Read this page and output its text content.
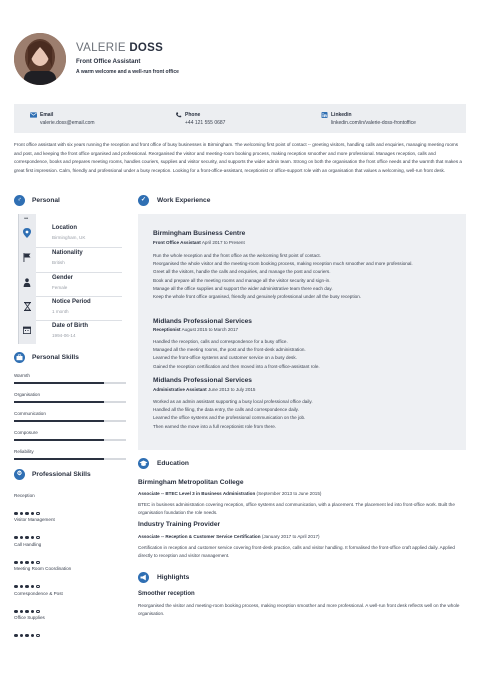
VALERIE DOSS
Front Office Assistant
A warm welcome and a well-run front office
Email
valerie.doss@email.com
Phone
+44 121 555 0687
Linkedin
linkedin.com/in/valerie-doss-frontoffice
Front office assistant with six years running the reception and front office of busy businesses in Birmingham. The welcoming first point of contact -- greeting visitors, handling calls and enquiries, managing meeting rooms and post, and keeping the front office organised and professional. Reorganised the visitor and meeting-room booking process, making reception smoother and more professional. Manages reception, calls and correspondence, books and prepares meeting rooms, handles couriers, supplies and visitor security, and supports the wider admin team. Strong on both the organisation the front office needs and the warmth that makes a great first impression. Calm, friendly and professional under a busy reception. Looking for a front-office-assistant, receptionist or office-support role with an organisation that values a welcoming, well-run front desk.
♂	Personal
•••
Location
Birmingham, UK
Nationality
British
Gender
Female
Notice Period
1 month
Date of Birth
1994-06-14
Personal Skills
Warmth
Organisation
Communication
Composure
Reliability
⚙	Professional Skills
Reception
Visitor Management
Call Handling
Meeting Room Coordination
Correspondence & Post
Office Supplies
✓	Work Experience
Birmingham Business Centre
Front Office Assistant April 2017 to Present
Run the whole reception and the front office as the welcoming first point of contact.
Reorganised the whole visitor and the meeting-room booking process, making reception much smoother and more professional.
Greet all the visitors, handle the calls and enquiries, and manage the post and couriers.
Book and prepare all the meeting rooms and manage all the visitor security and sign-in.
Manage all the office supplies and support the wider administrative team there each day.
Keep the whole front office organised, friendly and genuinely professional under all the busy reception.
Midlands Professional Services
Receptionist August 2015 to March 2017
Handled the reception, calls and correspondence for a busy office.
Managed all the meeting rooms, the post and the front-desk administration.
Learned the front-office systems and customer service on a busy desk.
Gained the reception certification and then moved into a front-office-assistant role.
Midlands Professional Services
Administrative Assistant June 2013 to July 2015
Worked as an admin assistant supporting a busy local professional office daily.
Handled all the filing, the data entry, the calls and correspondence daily.
Learned the office systems and the professional communication on the job.
Then earned the move into a full receptionist role from there.
Education
Birmingham Metropolitan College
Associate -- BTEC Level 3 in Business Administration (September 2013 to June 2015)
BTEC in business administration covering reception, office systems and communication, with a placement. The placement led into front-office work. Built the organisation foundation the role needs.
Industry Training Provider
Associate -- Reception & Customer Service Certification (January 2017 to April 2017)
Certification in reception and customer service covering front-desk practice, calls and visitor handling. It formalised the front-office craft applied daily. Applied directly to reception and visitor management.
Highlights
Smoother reception
Reorganised the visitor and meeting-room booking process, making reception smoother and more professional. A well-run front desk reflects well on the whole organisation.
